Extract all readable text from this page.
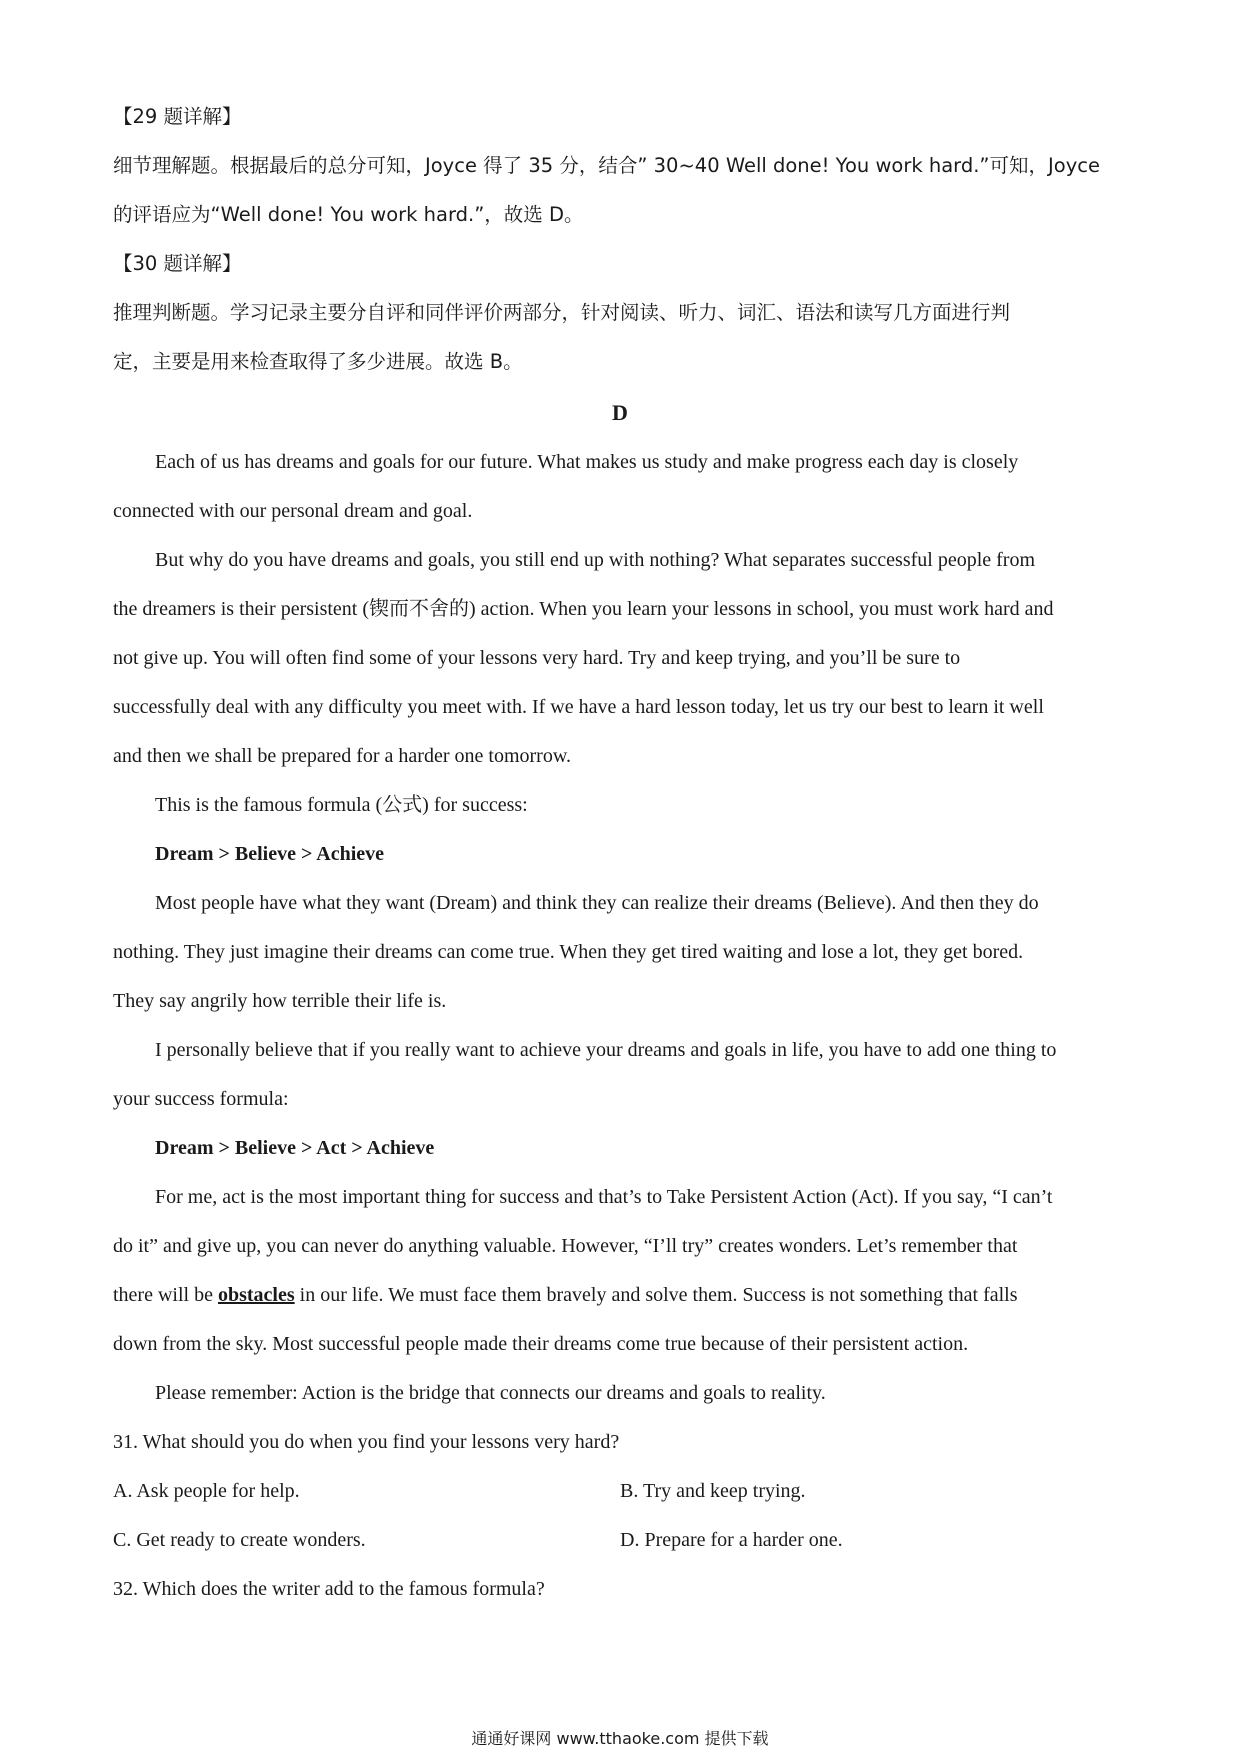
【29 题详解】
细节理解题。根据最后的总分可知，Joyce 得了 35 分，结合” 30~40 Well done! You work hard.”可知，Joyce
的评语应为“Well done! You work hard.”，故选 D。
【30 题详解】
推理判断题。学习记录主要分自评和同伴评价两部分，针对阅读、听力、词汇、语法和读写几方面进行判
定，主要是用来检查取得了多少进展。故选 B。
D
Each of us has dreams and goals for our future. What makes us study and make progress each day is closely
connected with our personal dream and goal.
But why do you have dreams and goals, you still end up with nothing? What separates successful people from
the dreamers is their persistent (锲而不舍的) action. When you learn your lessons in school, you must work hard and
not give up. You will often find some of your lessons very hard. Try and keep trying, and you’ll be sure to
successfully deal with any difficulty you meet with. If we have a hard lesson today, let us try our best to learn it well
and then we shall be prepared for a harder one tomorrow.
This is the famous formula (公式) for success:
Dream > Believe > Achieve
Most people have what they want (Dream) and think they can realize their dreams (Believe). And then they do
nothing. They just imagine their dreams can come true. When they get tired waiting and lose a lot, they get bored.
They say angrily how terrible their life is.
I personally believe that if you really want to achieve your dreams and goals in life, you have to add one thing to
your success formula:
Dream > Believe > Act > Achieve
For me, act is the most important thing for success and that’s to Take Persistent Action (Act). If you say, “I can’t
do it” and give up, you can never do anything valuable. However, “I’ll try” creates wonders. Let’s remember that
there will be obstacles in our life. We must face them bravely and solve them. Success is not something that falls
down from the sky. Most successful people made their dreams come true because of their persistent action.
Please remember: Action is the bridge that connects our dreams and goals to reality.
31. What should you do when you find your lessons very hard?
A. Ask people for help.	B. Try and keep trying.
C. Get ready to create wonders.	D. Prepare for a harder one.
32. Which does the writer add to the famous formula?
通通好课网 www.tthaoke.com 提供下载
